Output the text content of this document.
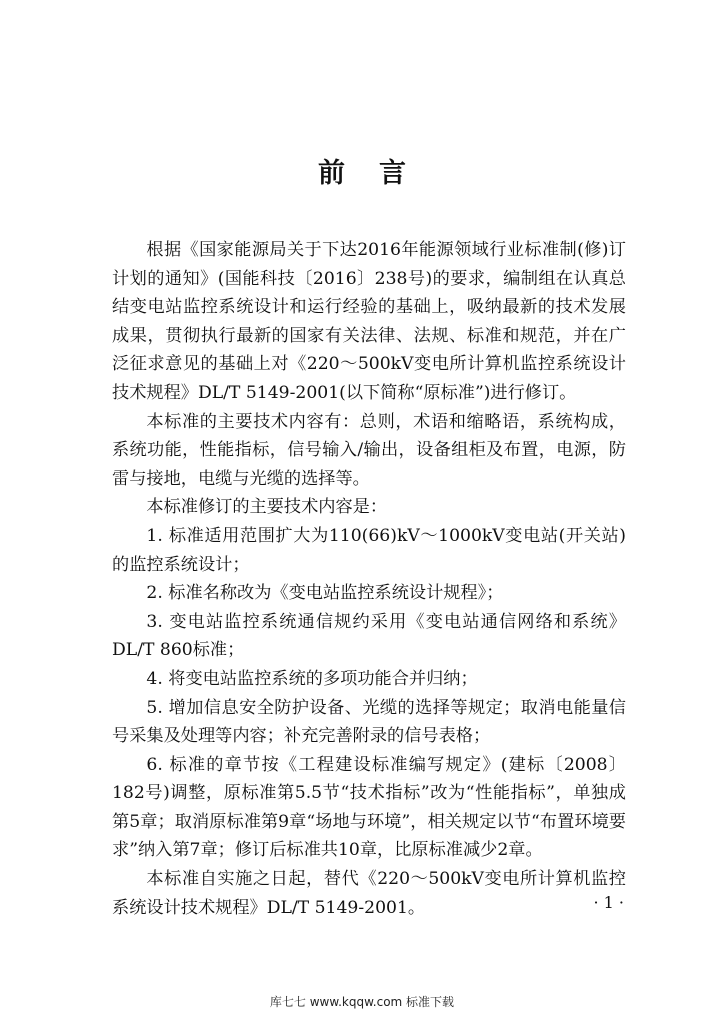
前言

根据《国家能源局关于下达2016年能源领域行业标准制(修)订计划的通知》(国能科技〔2016〕238号)的要求，编制组在认真总结变电站监控系统设计和运行经验的基础上，吸纳最新的技术发展成果，贯彻执行最新的国家有关法律、法规、标准和规范，并在广泛征求意见的基础上对《220～500kV变电所计算机监控系统设计技术规程》DL/T 5149-2001(以下简称“原标准”)进行修订。

本标准的主要技术内容有：总则，术语和缩略语，系统构成，系统功能，性能指标，信号输入/输出，设备组柜及布置，电源，防雷与接地，电缆与光缆的选择等。

本标准修订的主要技术内容是：

1. 标准适用范围扩大为110(66)kV～1000kV变电站(开关站)的监控系统设计；

2. 标准名称改为《变电站监控系统设计规程》；

3. 变电站监控系统通信规约采用《变电站通信网络和系统》DL/T 860标准；

4. 将变电站监控系统的多项功能合并归纳；

5. 增加信息安全防护设备、光缆的选择等规定；取消电能量信号采集及处理等内容；补充完善附录的信号表格；

6. 标准的章节按《工程建设标准编写规定》(建标〔2008〕182号)调整，原标准第5.5节“技术指标”改为“性能指标”，单独成第5章；取消原标准第9章“场地与环境”，相关规定以节“布置环境要求”纳入第7章；修订后标准共10章，比原标准减少2章。

本标准自实施之日起，替代《220～500kV变电所计算机监控系统设计技术规程》DL/T 5149-2001。	· 1 ·
库七七 www.kqqw.com 标准下载
